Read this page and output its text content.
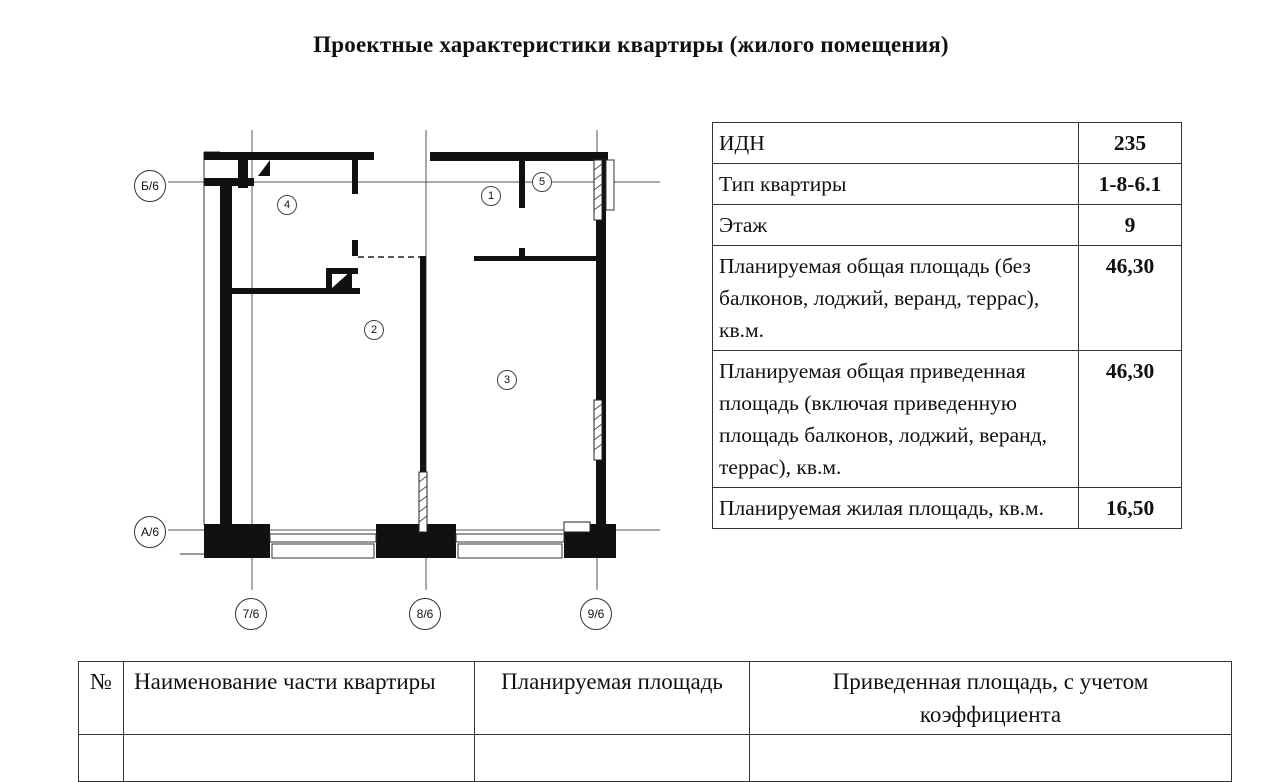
Проектные характеристики квартиры (жилого помещения)
Б/6
А/6
7/6	8/6	9/6
1
2
3
4
5
ИДН	235
Тип квартиры	1-8-6.1
Этаж	9
Планируемая общая площадь (без балконов, лоджий, веранд, террас), кв.м.	46,30
Планируемая общая приведенная площадь (включая приведенную площадь балконов, лоджий, веранд, террас), кв.м.	46,30
Планируемая жилая площадь, кв.м.	16,50
№	Наименование части квартиры	Планируемая площадь	Приведенная площадь, с учетом коэффициента
